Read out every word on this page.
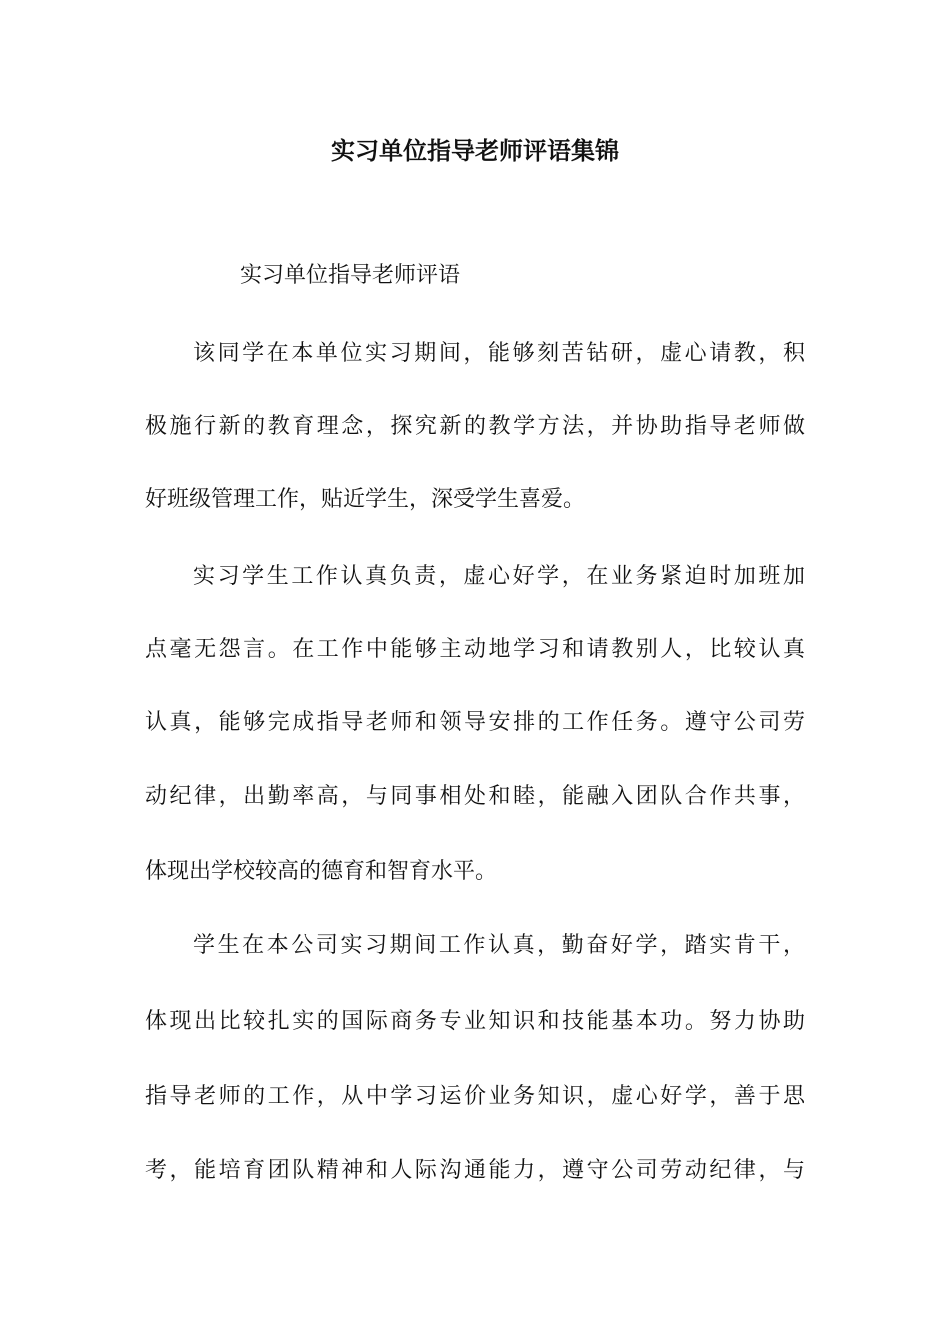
实习单位指导老师评语集锦
实习单位指导老师评语
该同学在本单位实习期间，能够刻苦钻研，虚心请教，积
极施行新的教育理念，探究新的教学方法，并协助指导老师做
好班级管理工作，贴近学生，深受学生喜爱。
实习学生工作认真负责，虚心好学，在业务紧迫时加班加
点毫无怨言。在工作中能够主动地学习和请教别人，比较认真
认真，能够完成指导老师和领导安排的工作任务。遵守公司劳
动纪律，出勤率高，与同事相处和睦，能融入团队合作共事，
体现出学校较高的德育和智育水平。
学生在本公司实习期间工作认真，勤奋好学，踏实肯干，
体现出比较扎实的国际商务专业知识和技能基本功。努力协助
指导老师的工作，从中学习运价业务知识，虚心好学，善于思
考，能培育团队精神和人际沟通能力，遵守公司劳动纪律，与
